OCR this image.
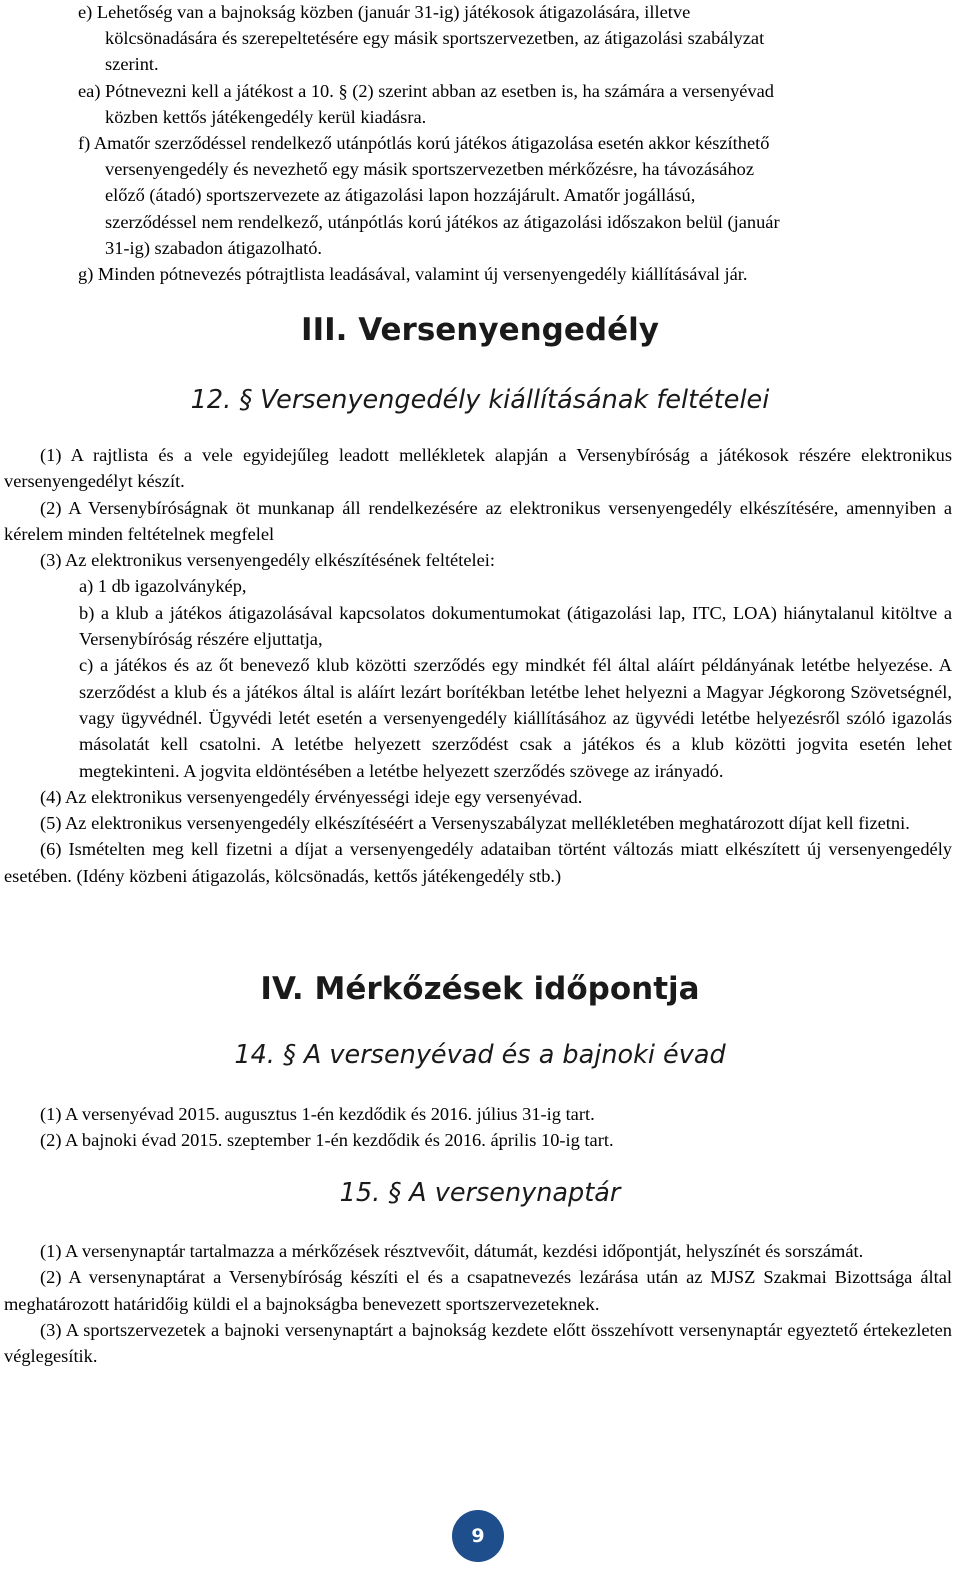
e) Lehetőség van a bajnokság közben (január 31-ig) játékosok átigazolására, illetve
kölcsönadására és szerepeltetésére egy másik sportszervezetben, az átigazolási szabályzat
szerint.

ea) Pótnevezni kell a játékost a 10. § (2) szerint abban az esetben is, ha számára a versenyévad
közben kettős játékengedély kerül kiadásra.

f) Amatőr szerződéssel rendelkező utánpótlás korú játékos átigazolása esetén akkor készíthető
versenyengedély és nevezhető egy másik sportszervezetben mérkőzésre, ha távozásához
előző (átadó) sportszervezete az átigazolási lapon hozzájárult. Amatőr jogállású,
szerződéssel nem rendelkező, utánpótlás korú játékos az átigazolási időszakon belül (január
31-ig) szabadon átigazolható.

g) Minden pótnevezés pótrajtlista leadásával, valamint új versenyengedély kiállításával jár.

III. Versenyengedély
12. § Versenyengedély kiállításának feltételei

(1) A rajtlista és a vele egyidejűleg leadott mellékletek alapján a Versenybíróság a játékosok részére elektronikus versenyengedélyt készít.

(2) A Versenybíróságnak öt munkanap áll rendelkezésére az elektronikus versenyengedély elkészítésére, amennyiben a kérelem minden feltételnek megfelel

(3) Az elektronikus versenyengedély elkészítésének feltételei:

a) 1 db igazolványkép,

b) a klub a játékos átigazolásával kapcsolatos dokumentumokat (átigazolási lap, ITC, LOA) hiánytalanul kitöltve a Versenybíróság részére eljuttatja,

c) a játékos és az őt benevező klub közötti szerződés egy mindkét fél által aláírt példányának letétbe helyezése. A szerződést a klub és a játékos által is aláírt lezárt borítékban letétbe lehet helyezni a Magyar Jégkorong Szövetségnél, vagy ügyvédnél. Ügyvédi letét esetén a versenyengedély kiállításához az ügyvédi letétbe helyezésről szóló igazolás másolatát kell csatolni. A letétbe helyezett szerződést csak a játékos és a klub közötti jogvita esetén lehet megtekinteni. A jogvita eldöntésében a letétbe helyezett szerződés szövege az irányadó.

(4) Az elektronikus versenyengedély érvényességi ideje egy versenyévad.

(5) Az elektronikus versenyengedély elkészítéséért a Versenyszabályzat mellékletében meghatározott díjat kell fizetni.

(6) Ismételten meg kell fizetni a díjat a versenyengedély adataiban történt változás miatt elkészített új versenyengedély esetében. (Idény közbeni átigazolás, kölcsönadás, kettős játékengedély stb.)

IV. Mérkőzések időpontja
14. § A versenyévad és a bajnoki évad

(1) A versenyévad 2015. augusztus 1-én kezdődik és 2016. július 31-ig tart.

(2) A bajnoki évad 2015. szeptember 1-én kezdődik és 2016. április 10-ig tart.

15. § A versenynaptár

(1) A versenynaptár tartalmazza a mérkőzések résztvevőit, dátumát, kezdési időpontját, helyszínét és sorszámát.

(2) A versenynaptárat a Versenybíróság készíti el és a csapatnevezés lezárása után az MJSZ Szakmai Bizottsága által meghatározott határidőig küldi el a bajnokságba benevezett sportszervezeteknek.

(3) A sportszervezetek a bajnoki versenynaptárt a bajnokság kezdete előtt összehívott versenynaptár egyeztető értekezleten véglegesítik.

9
